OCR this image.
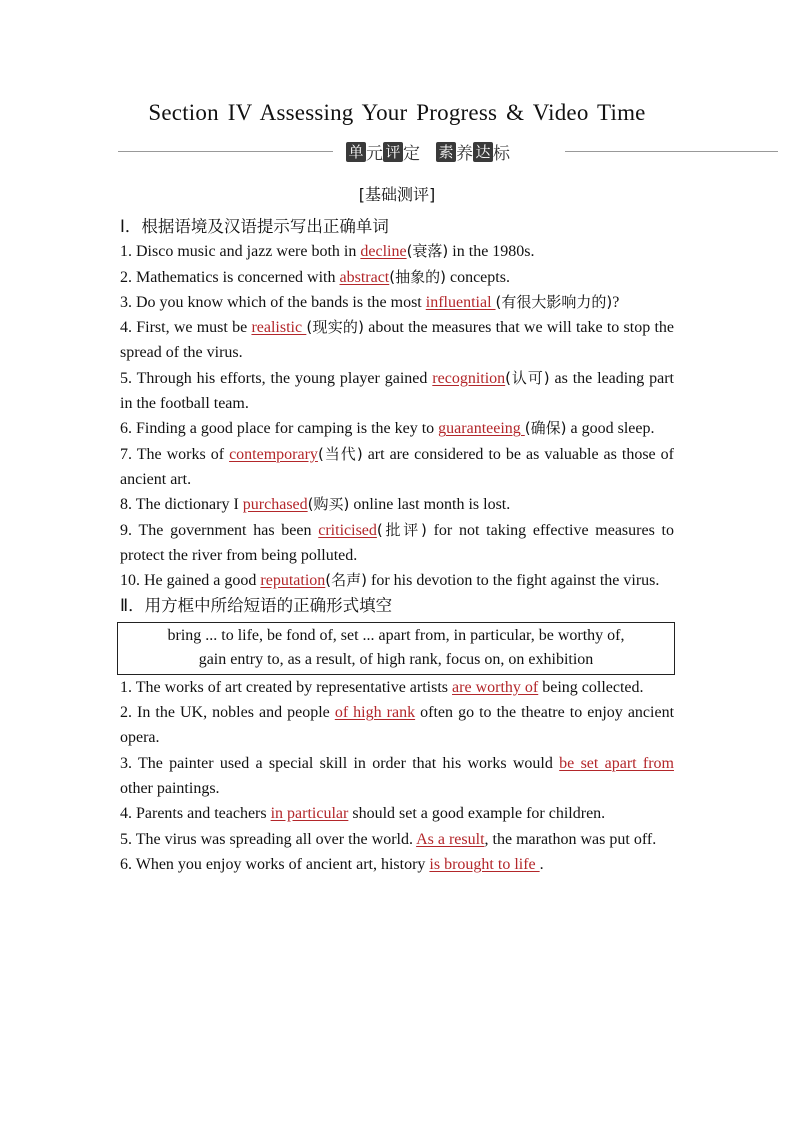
Section IV Assessing Your Progress & Video Time
单 元 评 定 素 养 达 标
[基础测评]

Ⅰ．根据语境及汉语提示写出正确单词

1. Disco music and jazz were both in decline(衰落) in the 1980s.

2. Mathematics is concerned with abstract(抽象的) concepts.

3. Do you know which of the bands is the most influential (有很大影响力的)?

4. First, we must be realistic (现实的) about the measures that we will take to stop the spread of the virus.

5. Through his efforts, the young player gained recognition(认可) as the leading part in the football team.

6. Finding a good place for camping is the key to guaranteeing (确保) a good sleep.

7. The works of contemporary(当代) art are considered to be as valuable as those of ancient art.

8. The dictionary I purchased(购买) online last month is lost.

9. The government has been criticised(批评) for not taking effective measures to protect the river from being polluted.

10. He gained a good reputation(名声) for his devotion to the fight against the virus.

Ⅱ．用方框中所给短语的正确形式填空

bring ... to life, be fond of, set ... apart from, in particular, be worthy of,
gain entry to, as a result, of high rank, focus on, on exhibition

1. The works of art created by representative artists are worthy of being collected.

2. In the UK, nobles and people of high rank often go to the theatre to enjoy ancient opera.

3. The painter used a special skill in order that his works would be set apart from other paintings.

4. Parents and teachers in particular should set a good example for children.

5. The virus was spreading all over the world. As a result, the marathon was put off.

6. When you enjoy works of ancient art, history is brought to life .
